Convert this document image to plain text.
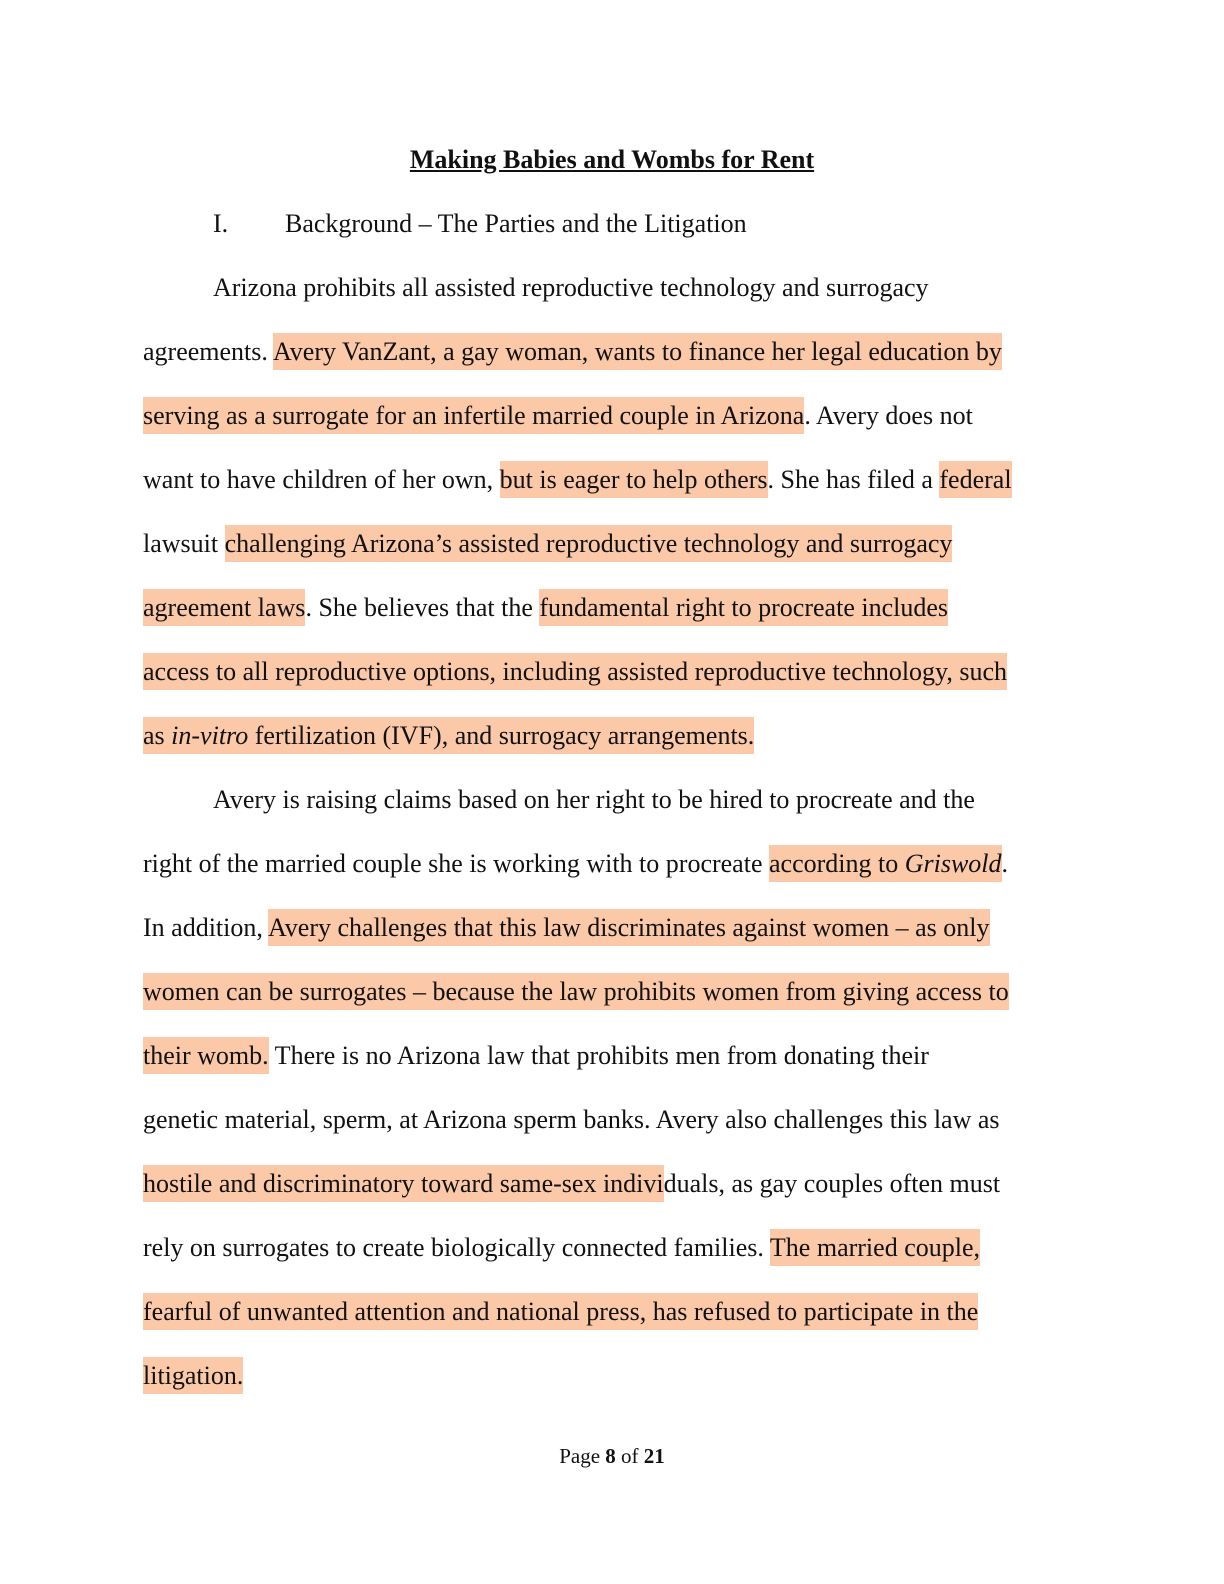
Making Babies and Wombs for Rent
I. Background – The Parties and the Litigation
Arizona prohibits all assisted reproductive technology and surrogacy
agreements. Avery VanZant, a gay woman, wants to finance her legal education by
serving as a surrogate for an infertile married couple in Arizona. Avery does not
want to have children of her own, but is eager to help others. She has filed a federal
lawsuit challenging Arizona’s assisted reproductive technology and surrogacy
agreement laws. She believes that the fundamental right to procreate includes
access to all reproductive options, including assisted reproductive technology, such
as in-vitro fertilization (IVF), and surrogacy arrangements.
Avery is raising claims based on her right to be hired to procreate and the
right of the married couple she is working with to procreate according to Griswold.
In addition, Avery challenges that this law discriminates against women – as only
women can be surrogates – because the law prohibits women from giving access to
their womb. There is no Arizona law that prohibits men from donating their
genetic material, sperm, at Arizona sperm banks. Avery also challenges this law as
hostile and discriminatory toward same-sex individuals, as gay couples often must
rely on surrogates to create biologically connected families. The married couple,
fearful of unwanted attention and national press, has refused to participate in the
litigation.
Page 8 of 21
